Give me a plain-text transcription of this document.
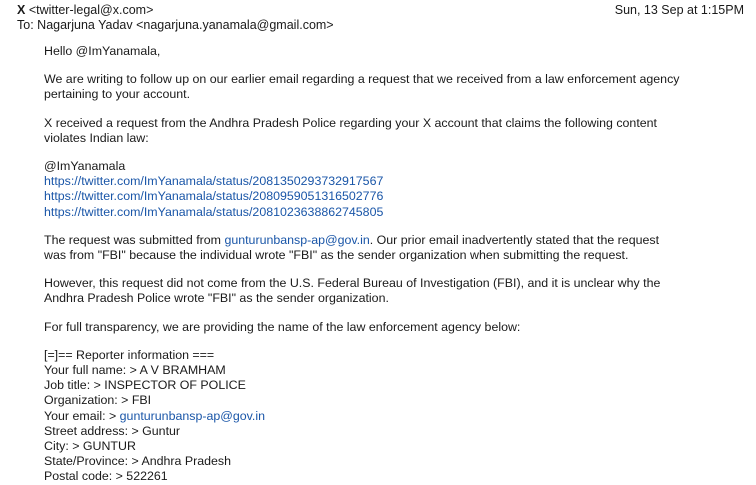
X <twitter-legal@x.com>
To: Nagarjuna Yadav <nagarjuna.yanamala@gmail.com>
Sun, 13 Sep at 1:15PM

Hello @ImYanamala,

We are writing to follow up on our earlier email regarding a request that we received from a law enforcement agency

pertaining to your account.

X received a request from the Andhra Pradesh Police regarding your X account that claims the following content

violates Indian law:

@ImYanamala

https://twitter.com/ImYanamala/status/2081350293732917567

https://twitter.com/ImYanamala/status/2080959051316502776

https://twitter.com/ImYanamala/status/2081023638862745805

The request was submitted from gunturunbansp-ap@gov.in. Our prior email inadvertently stated that the request

was from "FBI" because the individual wrote "FBI" as the sender organization when submitting the request.

However, this request did not come from the U.S. Federal Bureau of Investigation (FBI), and it is unclear why the

Andhra Pradesh Police wrote "FBI" as the sender organization.

For full transparency, we are providing the name of the law enforcement agency below:

[=]== Reporter information ===

Your full name: > A V BRAMHAM

Job title: > INSPECTOR OF POLICE

Organization: > FBI

Your email: > gunturunbansp-ap@gov.in

Street address: > Guntur

City: > GUNTUR

State/Province: > Andhra Pradesh

Postal code: > 522261
